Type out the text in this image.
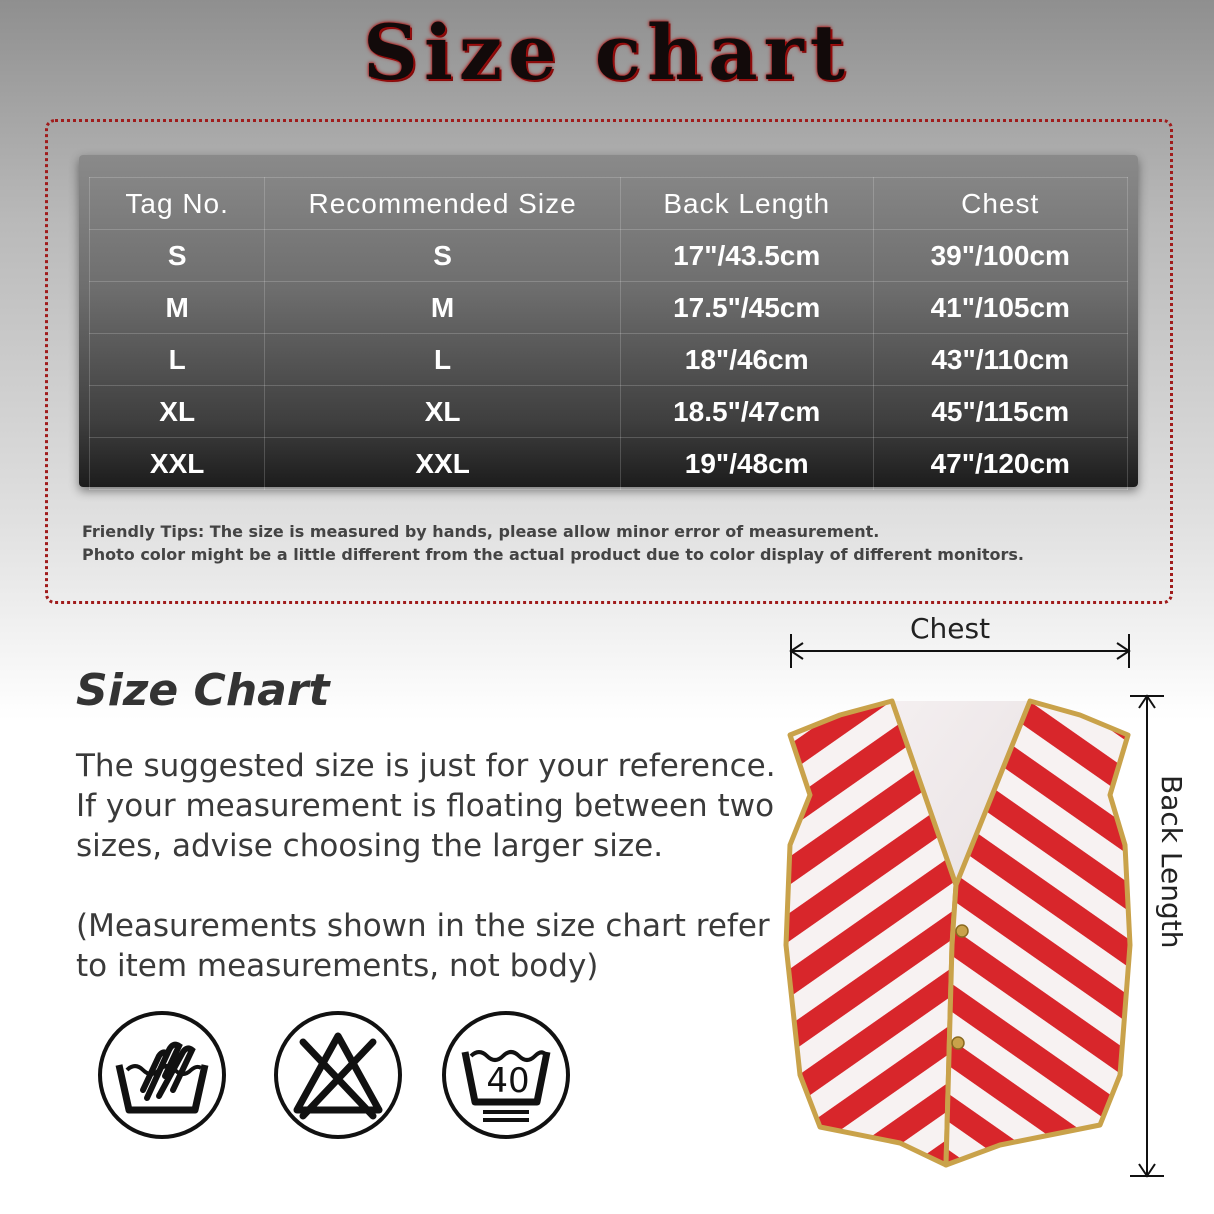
Size chart
Tag No.	Recommended Size	Back Length	Chest
S	S	17"/43.5cm	39"/100cm
M	M	17.5"/45cm	41"/105cm
L	L	18"/46cm	43"/110cm
XL	XL	18.5"/47cm	45"/115cm
XXL	XXL	19"/48cm	47"/120cm
Friendly Tips: The size is measured by hands, please allow minor error of measurement.
Photo color might be a little different from the actual product due to color display of different monitors.
Size Chart

The suggested size is just for your reference. If your measurement is floating between two sizes, advise choosing the larger size.

(Measurements shown in the size chart refer to item measurements, not body)

40
Chest
Back Length
